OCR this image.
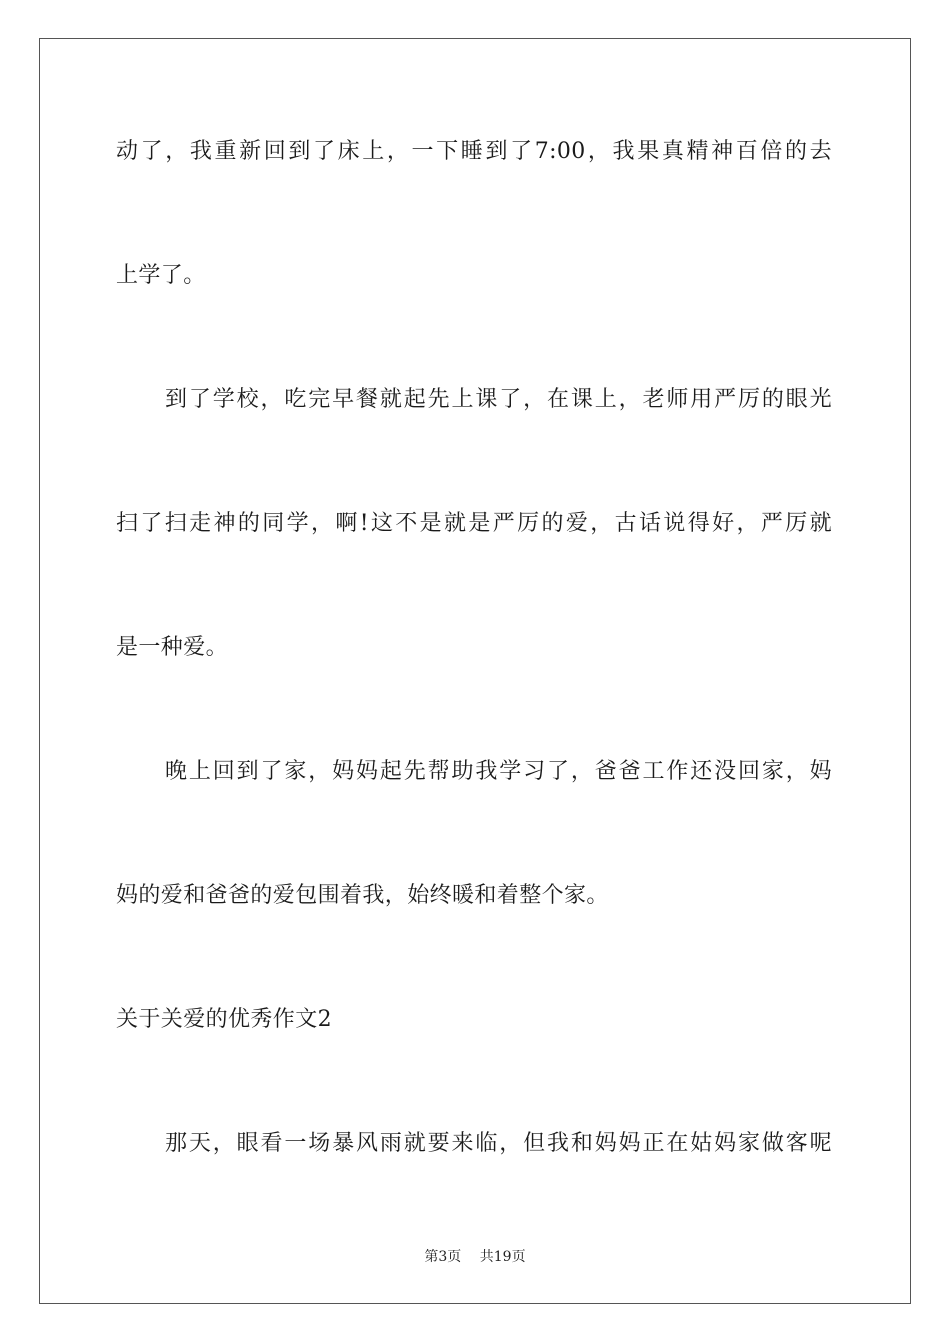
动了，我重新回到了床上，一下睡到了7:00，我果真精神百倍的去
上学了。
到了学校，吃完早餐就起先上课了，在课上，老师用严厉的眼光
扫了扫走神的同学，啊!这不是就是严厉的爱，古话说得好，严厉就
是一种爱。
晚上回到了家，妈妈起先帮助我学习了，爸爸工作还没回家，妈
妈的爱和爸爸的爱包围着我，始终暖和着整个家。
关于关爱的优秀作文2
那天，眼看一场暴风雨就要来临，但我和妈妈正在姑妈家做客呢
第3页 共19页
